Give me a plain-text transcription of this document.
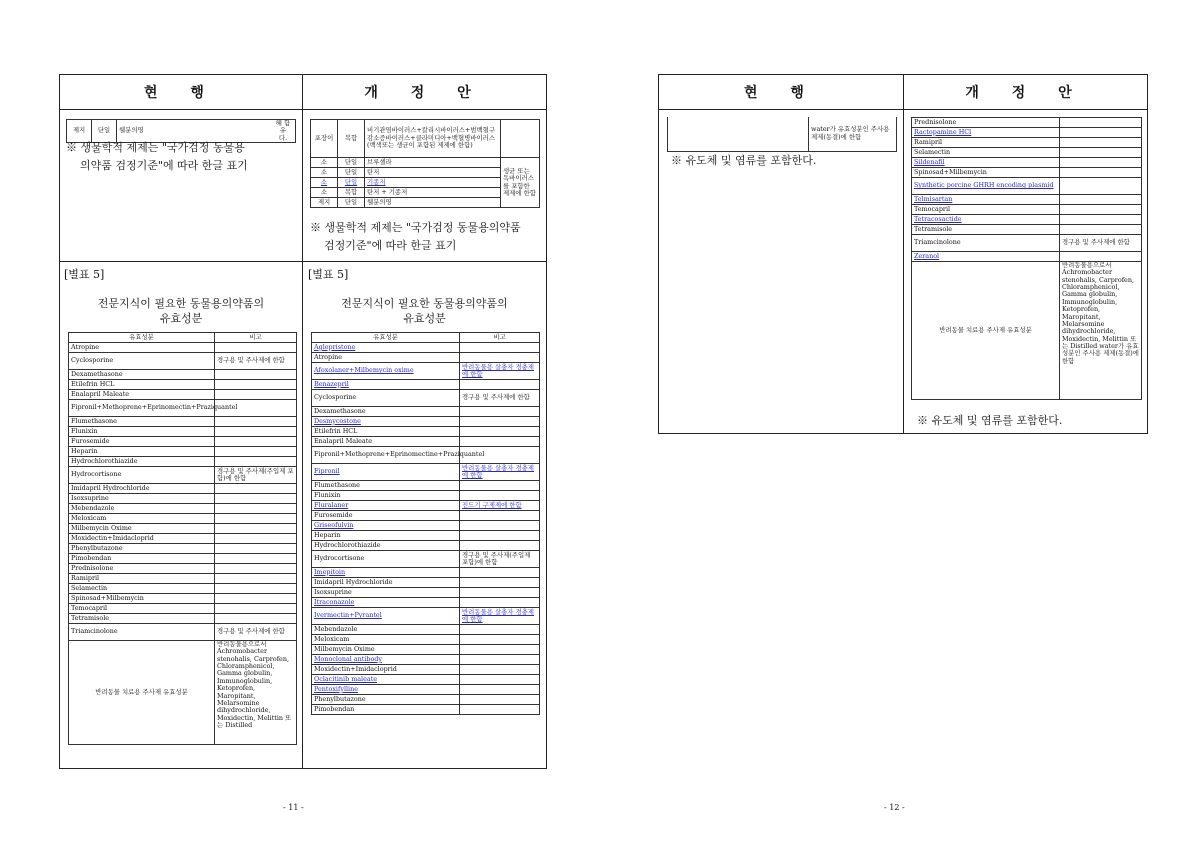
현 행	개 정 안
제지	단일	웰분의영	혜 함유
다.
※ 생물학적 제제는 "국가검정 동물용
의약품 검정기준"에 따라 한글 표기
포장이	복합	비기관염바이러스+칼리시바이러스+범백혈구감소증바이러스+클라미디아+백혈병바이러스(백색또는 생균이 포함된 제제에 한함)	
소	단일	브루셀라	생균 또는 독바이러스를 포함한 제제에 한함
소	단일	탄저	
소	단일	기종저	
소	복합	탄저 + 기종저	
제지	단일	웰분의영	
※ 생물학적 제제는 "국가검정 동물용의약품
검정기준"에 따라 한글 표기
[별표 5]
전문지식이 필요한 동물용의약품의
유효성분
[별표 5]
전문지식이 필요한 동물용의약품의
유효성분
유효성분	비고
Atropine	
Cyclosporine	경구용 및 주사제에 한함
Dexamethasone	
Etilefrin HCL	
Enalapril Maleate	
Fipronil+Methoprene+Eprinomectin+Praziquantel	
Flumethasone	
Flunixin	
Furosemide	
Heparin	
Hydrochlorothiazide	
Hydrocortisone	경구용 및 주사제(주입제 포함)에 한함
Imidapril Hydrochloride	
Isoxsuprine	
Mebendazole	
Meloxicam	
Milbemycin Oxime	
Moxidectin+Imidacloprid	
Phenylbutazone	
Pimobendan	
Prednisolone	
Ramipril	
Selamectin	
Spinosad+Milbemycin	
Temocapril	
Tetramisole	
Triamcinolone	경구용 및 주사제에 한함
반려동물 치료용 주사제 유효성분	반려동물용으로서 Achromobacter stenohalis, Carprofen, Chloramphenicol, Gamma globulin, Immunoglobulin, Ketoprofen, Maropitant, Melarsomine dihydrochloride, Moxidectin, Melittin 또는 Distilled
유효성분	비고
Aglepristone	
Atropine	
Afoxolaner+Milbemycin oxime	반려동물용 살충자 경충제에 한함
Benazepril	
Cyclosporine	경구용 및 주사제에 한함
Dexamethasone	
Desmycostone	
Etilefrin HCL	
Enalapril Maleate	
Fipronil+Methoprene+Eprinomectine+Praziquantel	
Fipronil	반려동물용 살충자 경충제에 한함
Flumethasone	
Flunixin	
Fluralaner	진드기 구제제에 한함
Furosemide	
Griseofulvin	
Heparin	
Hydrochlorothiazide	
Hydrocortisone	경구용 및 주사제(주입제 포함)에 한함
Imepitoin	
Imidapril Hydrochloride	
Isoxsuprine	
Itraconazole	
Ivermectin+Pyrantel	반려동물용 살충자 경충제에 한함
Mebendazole	
Meloxicam	
Milbemycin Oxime	
Monoclonal antibody	
Moxidectin+Imidacloprid	
Oclacitinib maleate	
Pentoxifylline	
Phenylbutazone	
Pimobendan	
- 11 -
현 행	개 정 안
	water가 유효성분인 주사용 제제(동결)에 한함
※ 유도체 및 염류를 포함한다.
Prednisolone	
Ractopamine HCl	
Ramipril	
Selamectin	
Sildenafil	
Spinosad+Milbemycin	
Synthetic porcine GHRH encoding plasmid	
Telmisartan	
Temocapril	
Tetracosactide	
Tetramisole	
Triamcinolone	경구용 및 주사제에 한함
Zeranol	
반려동물 치료용 주사제 유효성분	반려동물용으로서 Achromobacter stenohalis, Carprofen, Chloramphenicol, Gamma globulin, Immunoglobulin, Ketoprofen, Maropitant, Melarsomine dihydrochloride, Moxidectin, Melittin 또는 Distilled water가 유효성분인 주사용 제제(동결)에 한함
※ 유도체 및 염류를 포함한다.
- 12 -
